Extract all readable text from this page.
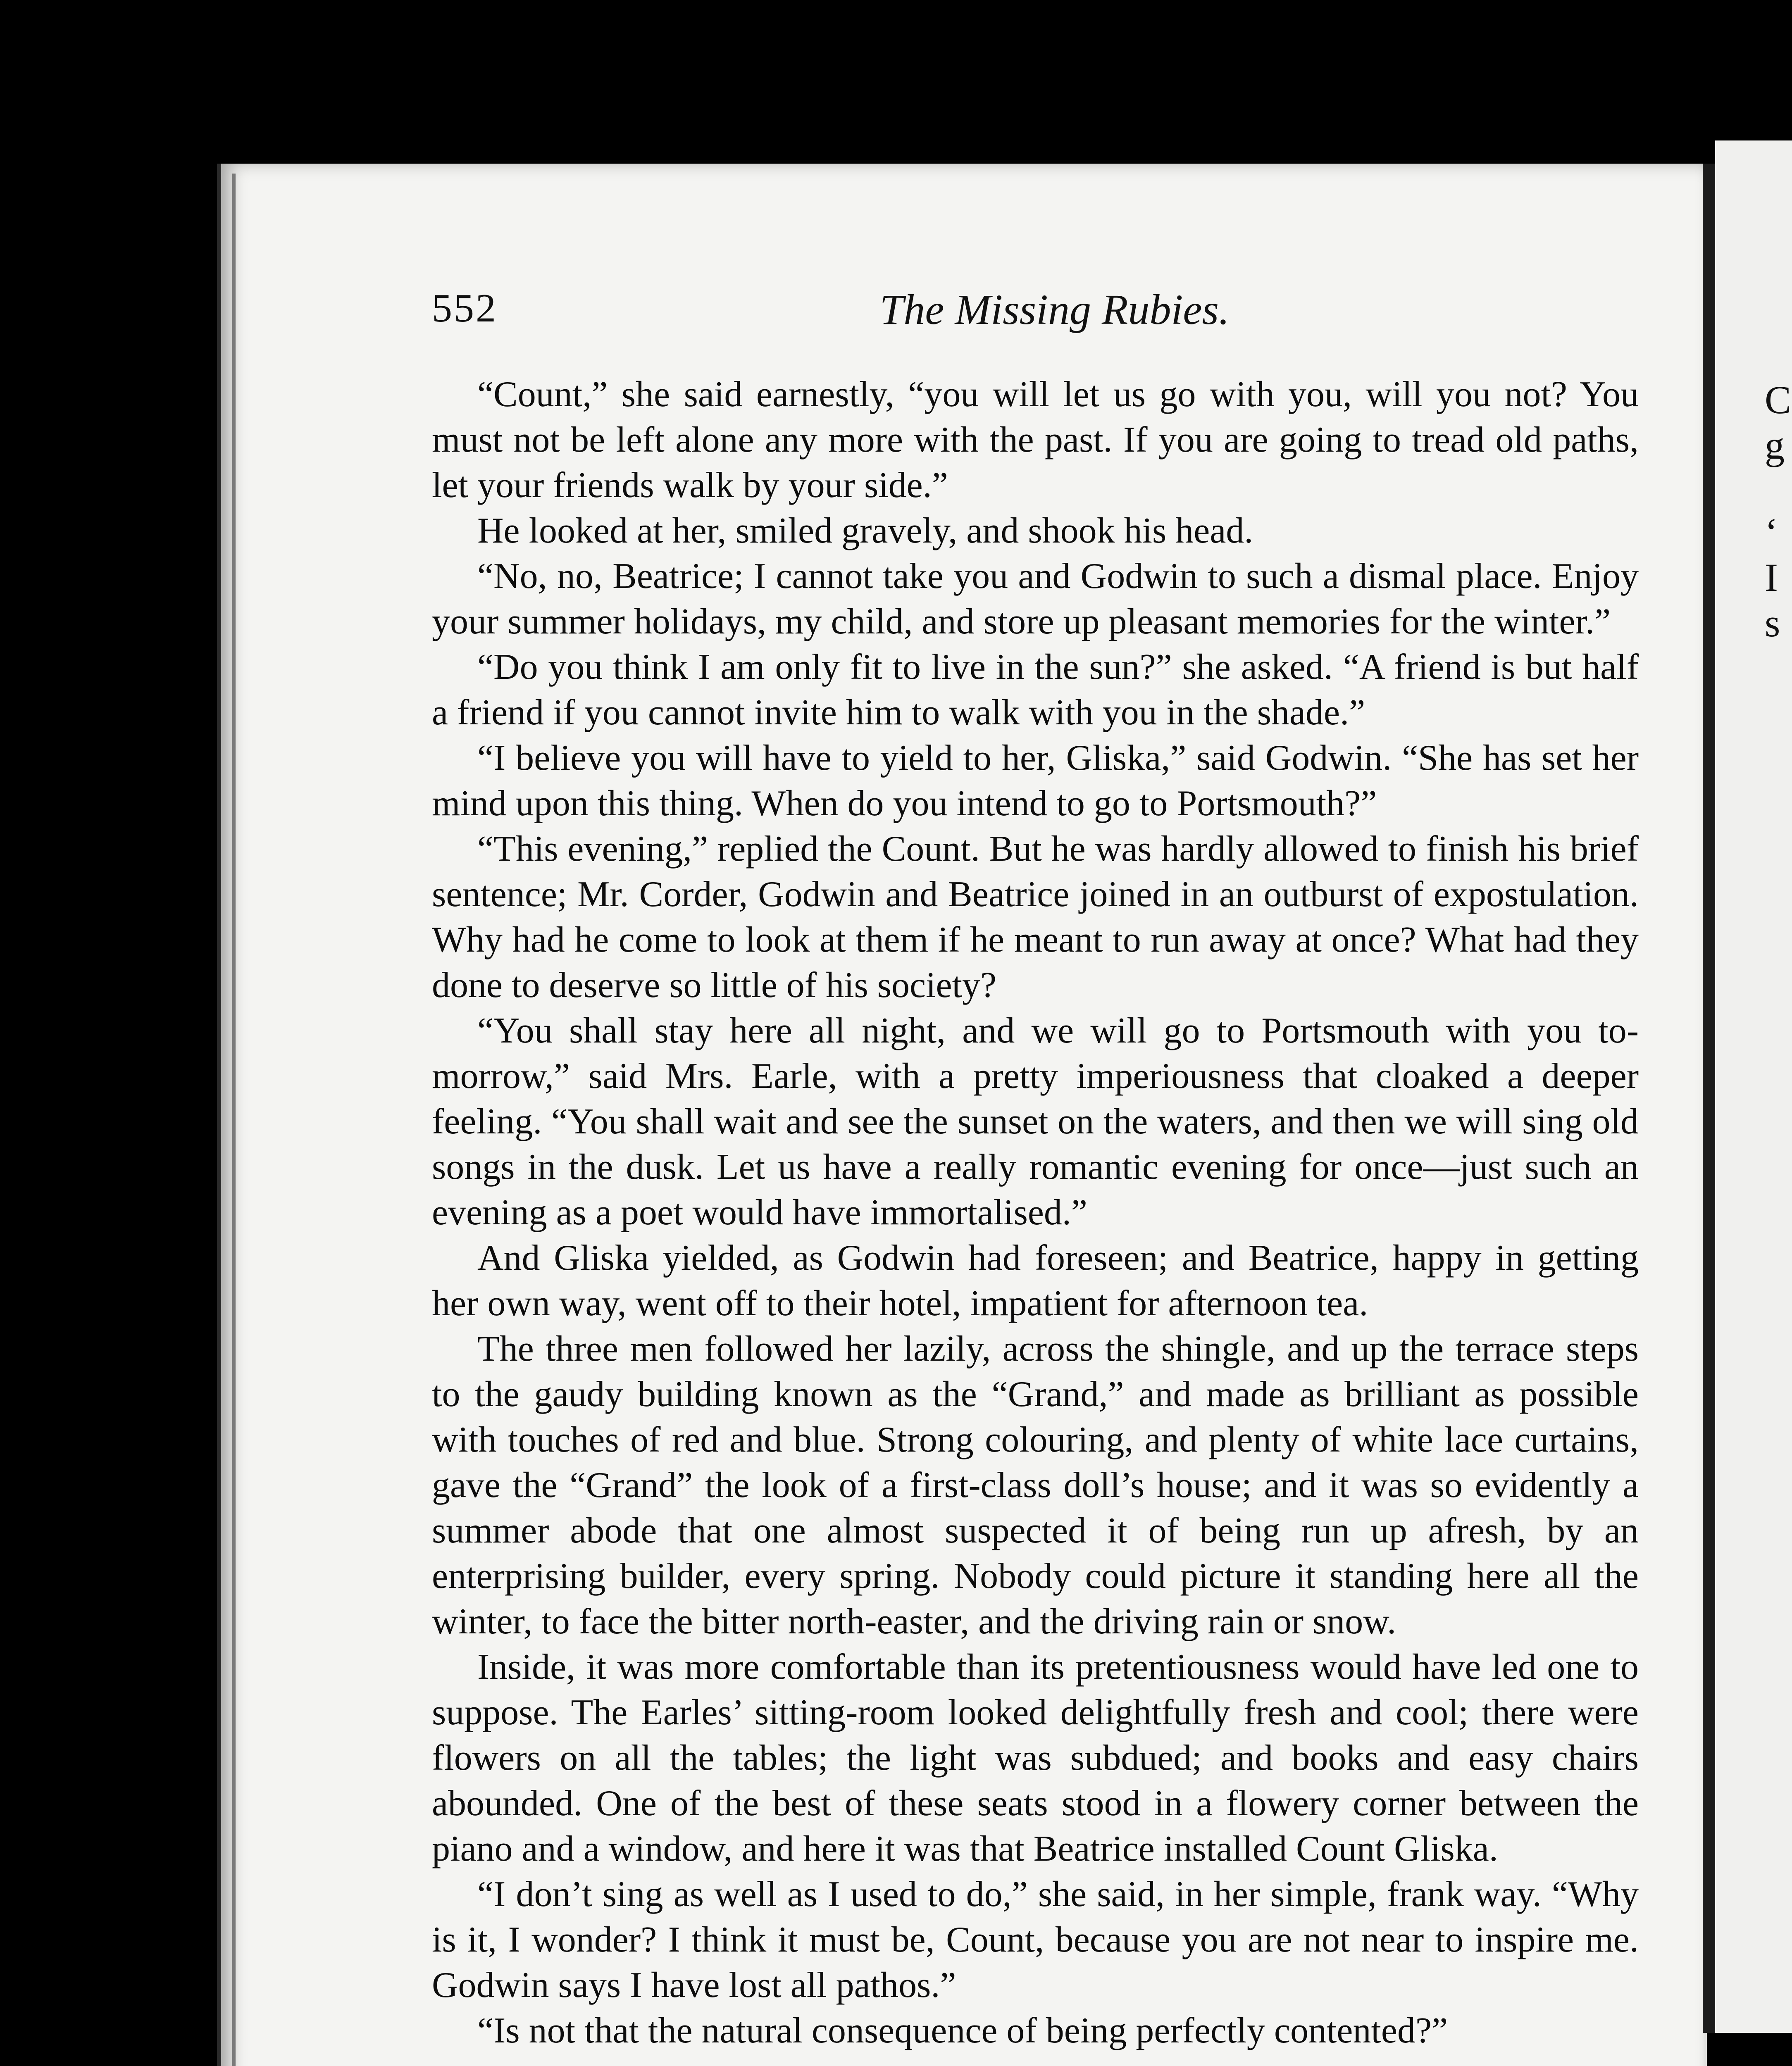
C
g
‘
I
s
552	The Missing Rubies.

“Count,” she said earnestly, “you will let us go with you, will you not? You must not be left alone any more with the past. If you are going to tread old paths, let your friends walk by your side.”

He looked at her, smiled gravely, and shook his head.

“No, no, Beatrice; I cannot take you and Godwin to such a dismal place. Enjoy your summer holidays, my child, and store up pleasant memories for the winter.”

“Do you think I am only fit to live in the sun?” she asked. “A friend is but half a friend if you cannot invite him to walk with you in the shade.”

“I believe you will have to yield to her, Gliska,” said Godwin. “She has set her mind upon this thing. When do you intend to go to Portsmouth?”

“This evening,” replied the Count. But he was hardly allowed to finish his brief sentence; Mr. Corder, Godwin and Beatrice joined in an outburst of expostulation. Why had he come to look at them if he meant to run away at once? What had they done to deserve so little of his society?

“You shall stay here all night, and we will go to Portsmouth with you to-morrow,” said Mrs. Earle, with a pretty imperiousness that cloaked a deeper feeling. “You shall wait and see the sunset on the waters, and then we will sing old songs in the dusk. Let us have a really romantic evening for once—just such an evening as a poet would have immortalised.”

And Gliska yielded, as Godwin had foreseen; and Beatrice, happy in getting her own way, went off to their hotel, impatient for afternoon tea.

The three men followed her lazily, across the shingle, and up the terrace steps to the gaudy building known as the “Grand,” and made as brilliant as possible with touches of red and blue. Strong colouring, and plenty of white lace curtains, gave the “Grand” the look of a first-class doll’s house; and it was so evidently a summer abode that one almost suspected it of being run up afresh, by an enterprising builder, every spring. Nobody could picture it standing here all the winter, to face the bitter north-easter, and the driving rain or snow.

Inside, it was more comfortable than its pretentiousness would have led one to suppose. The Earles’ sitting-room looked delightfully fresh and cool; there were flowers on all the tables; the light was subdued; and books and easy chairs abounded. One of the best of these seats stood in a flowery corner between the piano and a window, and here it was that Beatrice installed Count Gliska.

“I don’t sing as well as I used to do,” she said, in her simple, frank way. “Why is it, I wonder? I think it must be, Count, because you are not near to inspire me. Godwin says I have lost all pathos.”

“Is not that the natural consequence of being perfectly contented?”
